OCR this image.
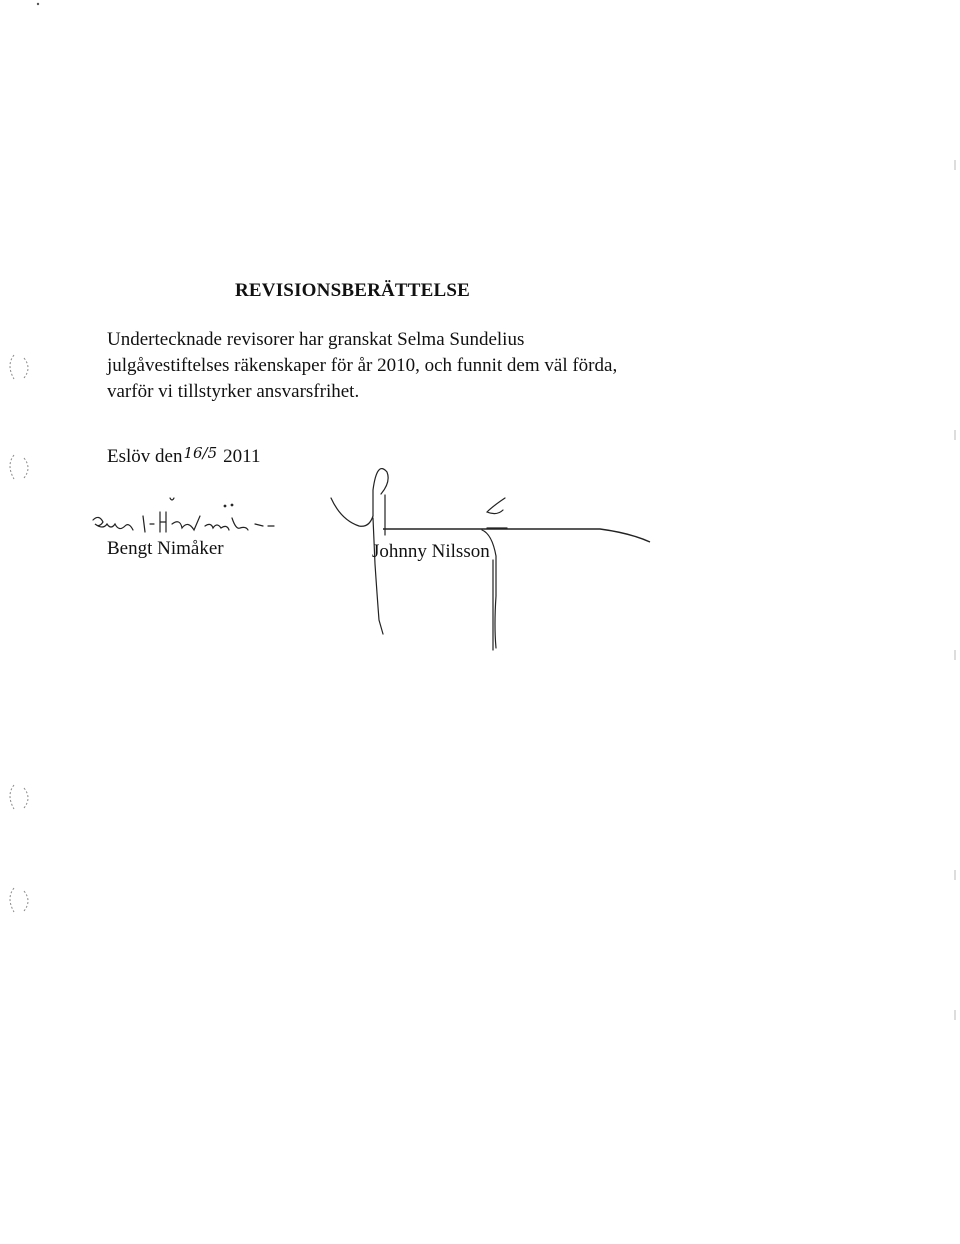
REVISIONSBERÄTTELSE
Undertecknade revisorer har granskat Selma Sundelius
julgåvestiftelses räkenskaper för år 2010, och funnit dem väl förda,
varför vi tillstyrker ansvarsfrihet.
Eslöv den16/5 2011
Bengt Nimåker	Johnny Nilsson
